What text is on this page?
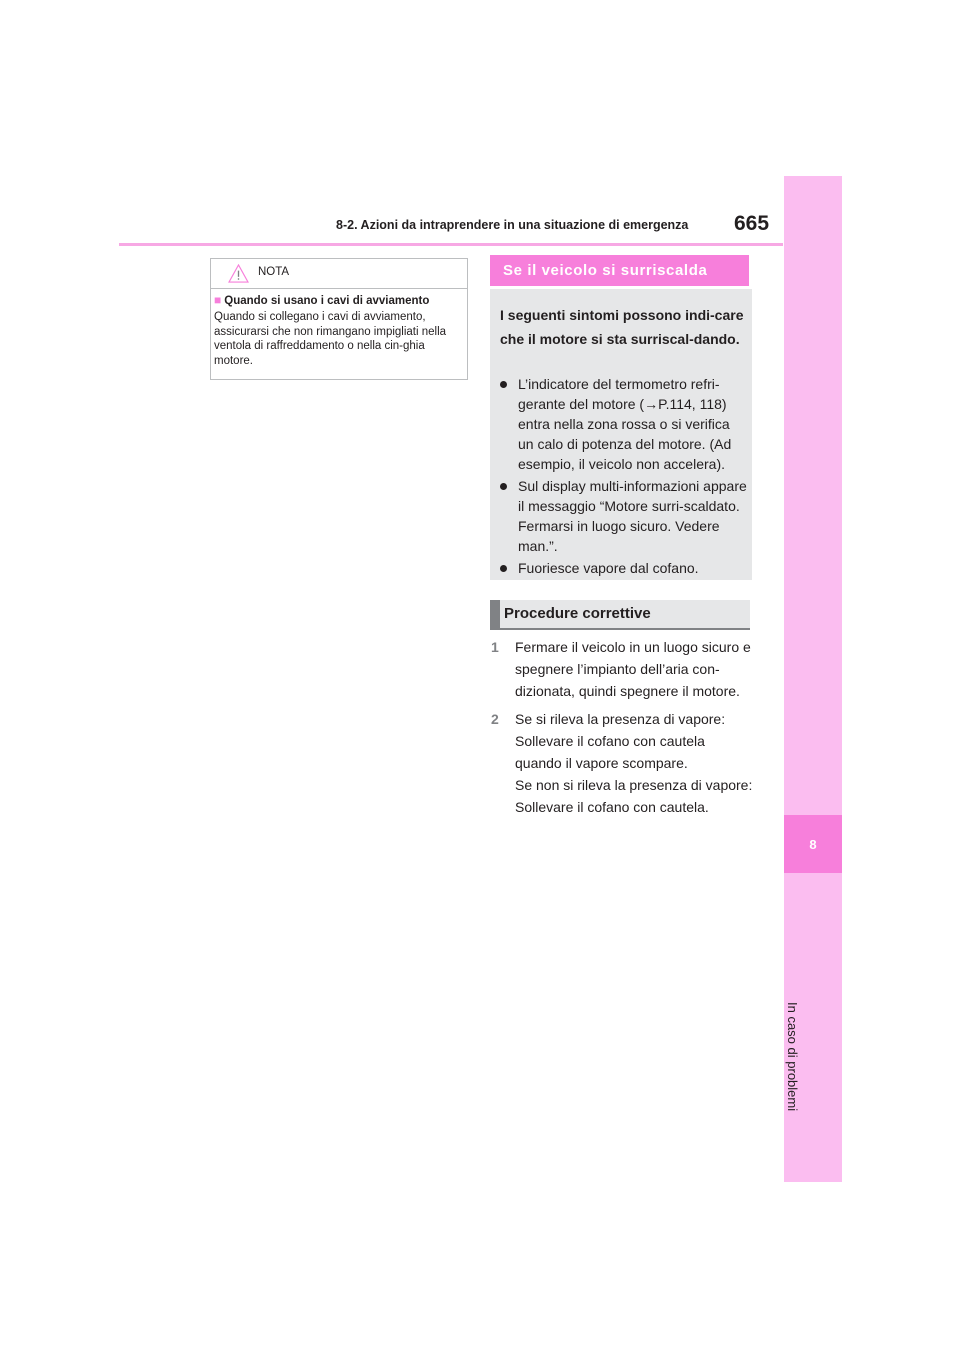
8-2. Azioni da intraprendere in una situazione di emergenza 665
8
In caso di problemi
NOTA
■ Quando si usano i cavi di avviamento
Quando si collegano i cavi di avviamento, assicurarsi che non rimangano impigliati nella ventola di raffreddamento o nella cin-ghia motore.
Se il veicolo si surriscalda
I seguenti sintomi possono indi-care che il motore si sta surriscal-dando.
L’indicatore del termometro refri-gerante del motore (→P.114, 118) entra nella zona rossa o si verifica un calo di potenza del motore. (Ad esempio, il veicolo non accelera).
Sul display multi-informazioni appare il messaggio “Motore surri-scaldato. Fermarsi in luogo sicuro. Vedere man.”.
Fuoriesce vapore dal cofano.
Procedure correttive
1 Fermare il veicolo in un luogo sicuro e spegnere l’impianto dell’aria con-dizionata, quindi spegnere il motore.

2 Se si rileva la presenza di vapore:

Sollevare il cofano con cautela quando il vapore scompare.

Se non si rileva la presenza di vapore:

Sollevare il cofano con cautela.
